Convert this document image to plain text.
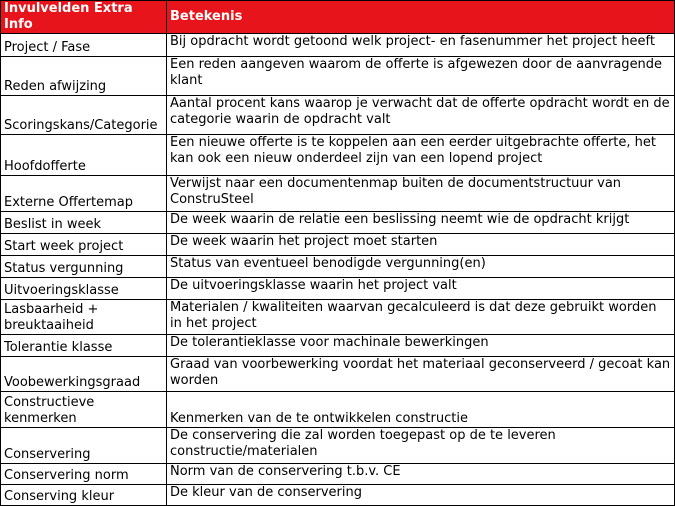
Invulvelden Extra Info	Betekenis
Project / Fase	Bij opdracht wordt getoond welk project- en fasenummer het project heeft
Reden afwijzing	Een reden aangeven waarom de offerte is afgewezen door de aanvragende klant
Scoringskans/Categorie	Aantal procent kans waarop je verwacht dat de offerte opdracht wordt en de categorie waarin de opdracht valt
Hoofdofferte	Een nieuwe offerte is te koppelen aan een eerder uitgebrachte offerte, het kan ook een nieuw onderdeel zijn van een lopend project
Externe Offertemap	Verwijst naar een documentenmap buiten de documentstructuur van ConstruSteel
Beslist in week	De week waarin de relatie een beslissing neemt wie de opdracht krijgt
Start week project	De week waarin het project moet starten
Status vergunning	Status van eventueel benodigde vergunning(en)
Uitvoeringsklasse	De uitvoeringsklasse waarin het project valt
Lasbaarheid + breuktaaiheid	Materialen / kwaliteiten waarvan gecalculeerd is dat deze gebruikt worden in het project
Tolerantie klasse	De tolerantieklasse voor machinale bewerkingen
Voobewerkingsgraad	Graad van voorbewerking voordat het materiaal geconserveerd / gecoat kan worden
Constructieve kenmerken	Kenmerken van de te ontwikkelen constructie
Conservering	De conservering die zal worden toegepast op de te leveren constructie/materialen
Conservering norm	Norm van de conservering t.b.v. CE
Conserving kleur	De kleur van de conservering
